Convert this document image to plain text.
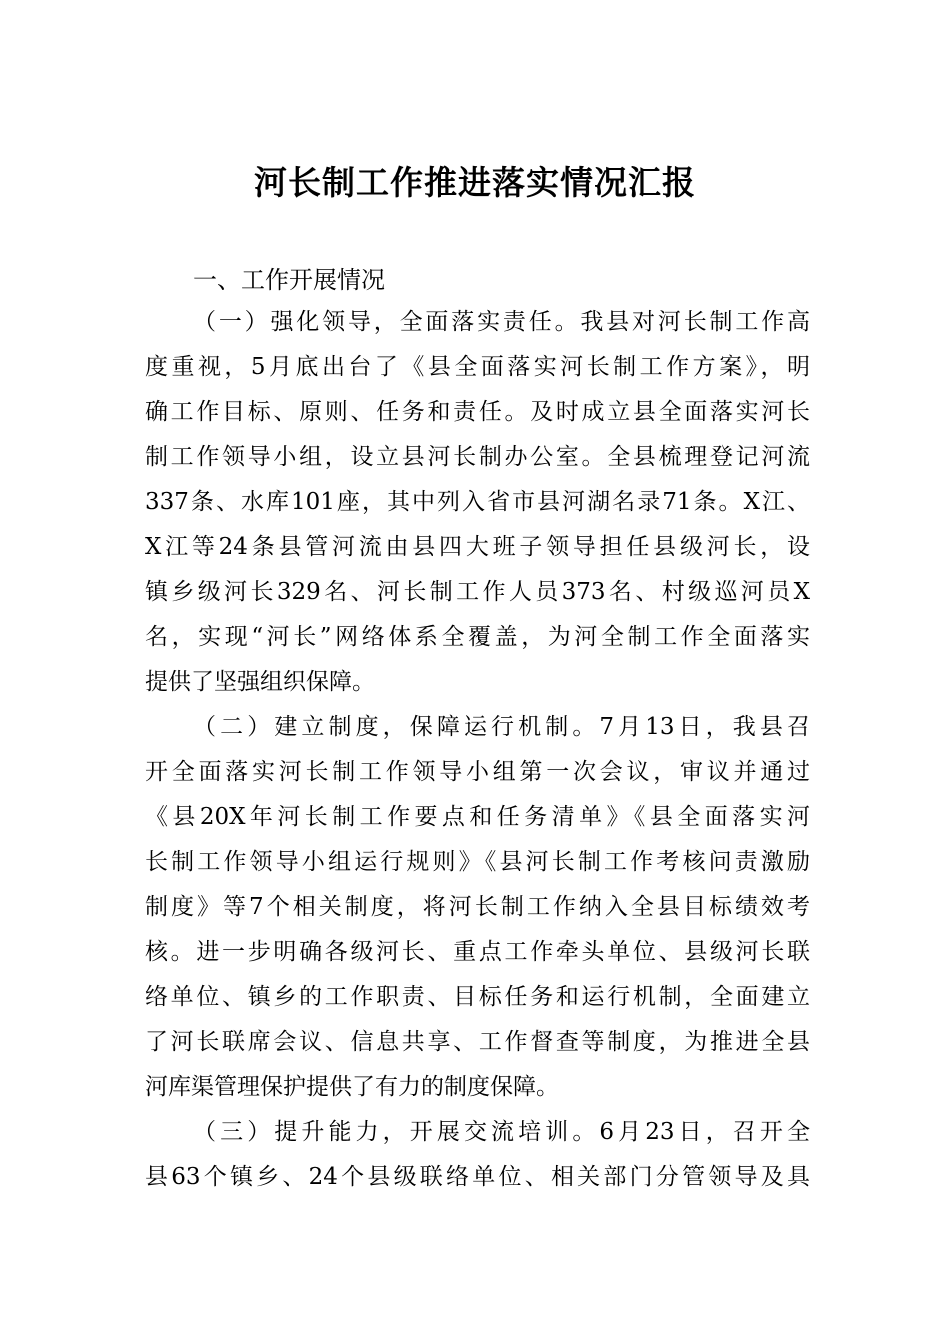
河长制工作推进落实情况汇报
一、工作开展情况
（一）强化领导，全面落实责任。我县对河长制工作高
度重视，5月底出台了《县全面落实河长制工作方案》，明
确工作目标、原则、任务和责任。及时成立县全面落实河长
制工作领导小组，设立县河长制办公室。全县梳理登记河流
337条、水库101座，其中列入省市县河湖名录71条。X江、
X江等24条县管河流由县四大班子领导担任县级河长，设
镇乡级河长329名、河长制工作人员373名、村级巡河员X
名，实现“河长”网络体系全覆盖，为河全制工作全面落实
提供了坚强组织保障。
（二）建立制度，保障运行机制。7月13日，我县召
开全面落实河长制工作领导小组第一次会议，审议并通过
《县20X年河长制工作要点和任务清单》《县全面落实河
长制工作领导小组运行规则》《县河长制工作考核问责激励
制度》等7个相关制度，将河长制工作纳入全县目标绩效考
核。进一步明确各级河长、重点工作牵头单位、县级河长联
络单位、镇乡的工作职责、目标任务和运行机制，全面建立
了河长联席会议、信息共享、工作督查等制度，为推进全县
河库渠管理保护提供了有力的制度保障。
（三）提升能力，开展交流培训。6月23日，召开全
县63个镇乡、24个县级联络单位、相关部门分管领导及具
